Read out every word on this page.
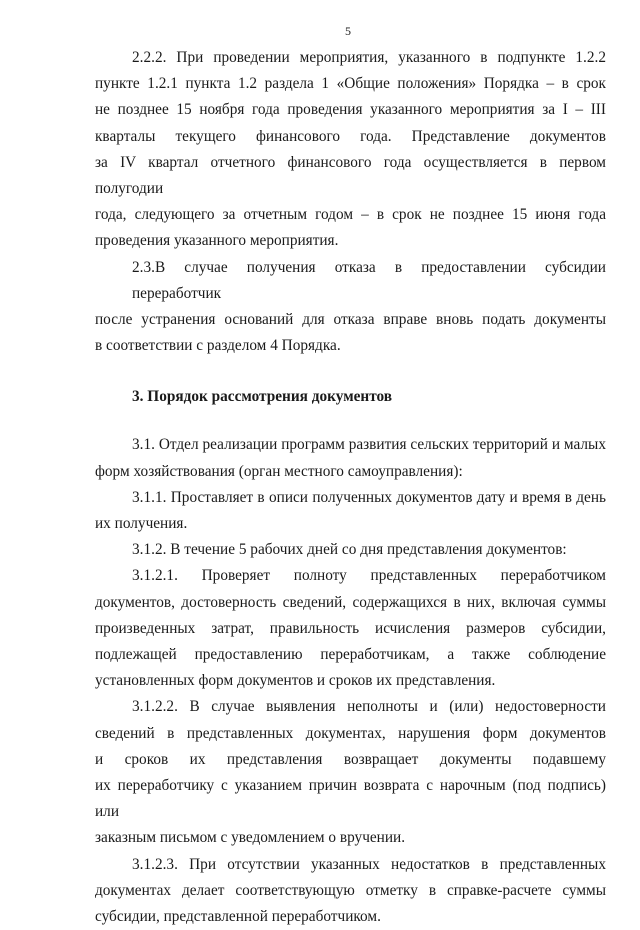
5
2.2.2. При проведении мероприятия, указанного в подпункте 1.2.2
пункте 1.2.1 пункта 1.2 раздела 1 «Общие положения» Порядка – в срок
не позднее 15 ноября года проведения указанного мероприятия за I – III
кварталы текущего финансового года. Представление документов
за IV квартал отчетного финансового года осуществляется в первом полугодии
года, следующего за отчетным годом – в срок не позднее 15 июня года
проведения указанного мероприятия.
2.3.В случае получения отказа в предоставлении субсидии переработчик
после устранения оснований для отказа вправе вновь подать документы
в соответствии с разделом 4 Порядка.
3. Порядок рассмотрения документов
3.1. Отдел реализации программ развития сельских территорий и малых
форм хозяйствования (орган местного самоуправления):
3.1.1. Проставляет в описи полученных документов дату и время в день
их получения.
3.1.2. В течение 5 рабочих дней со дня представления документов:
3.1.2.1. Проверяет полноту представленных переработчиком
документов, достоверность сведений, содержащихся в них, включая суммы
произведенных затрат, правильность исчисления размеров субсидии,
подлежащей предоставлению переработчикам, а также соблюдение
установленных форм документов и сроков их представления.
3.1.2.2. В случае выявления неполноты и (или) недостоверности
сведений в представленных документах, нарушения форм документов
и сроков их представления возвращает документы подавшему
их переработчику с указанием причин возврата с нарочным (под подпись) или
заказным письмом с уведомлением о вручении.
3.1.2.3. При отсутствии указанных недостатков в представленных
документах делает соответствующую отметку в справке-расчете суммы
субсидии, представленной переработчиком.
